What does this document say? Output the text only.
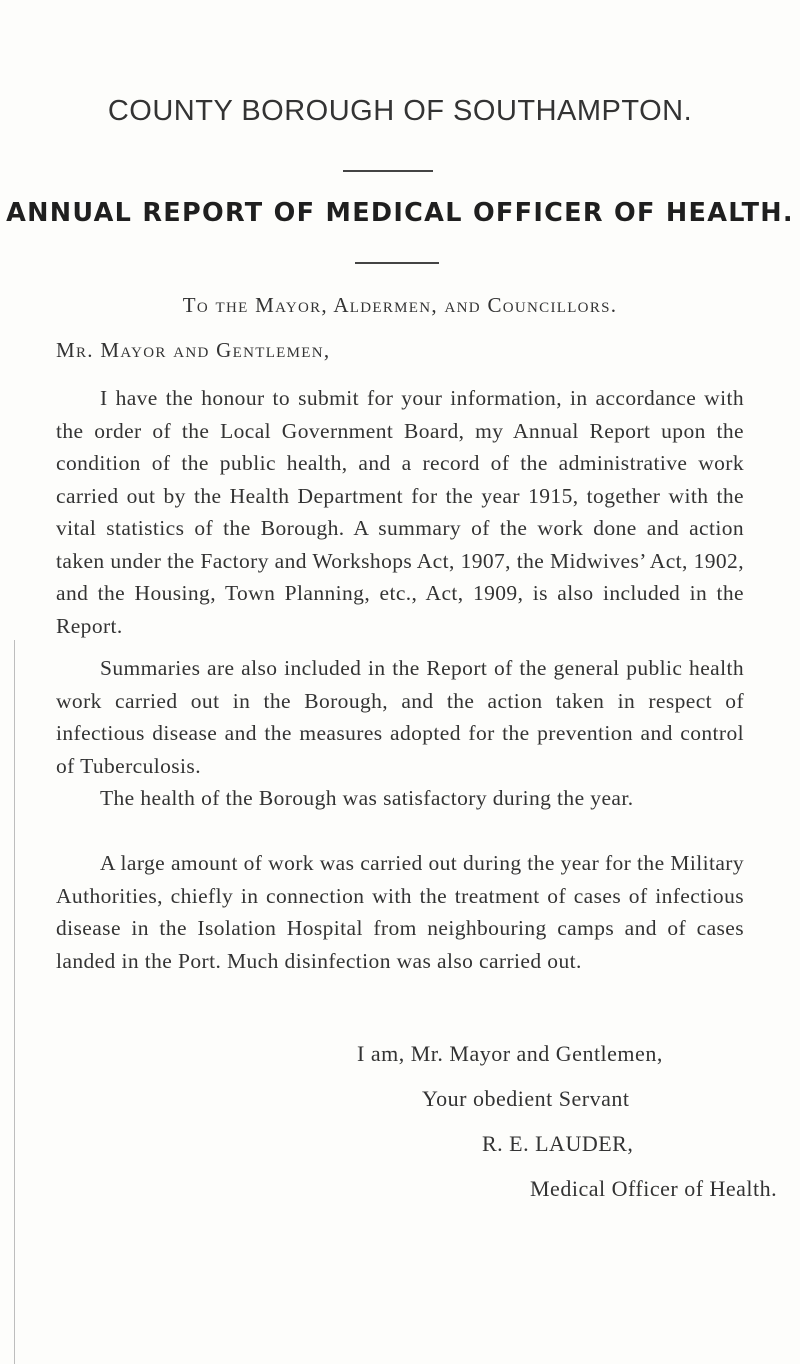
COUNTY BOROUGH OF SOUTHAMPTON.
ANNUAL REPORT OF MEDICAL OFFICER OF HEALTH.
To the Mayor, Aldermen, and Councillors.
Mr. Mayor and Gentlemen,

I have the honour to submit for your information, in accordance with the order of the Local Government Board, my Annual Report upon the condition of the public health, and a record of the administrative work carried out by the Health Department for the year 1915, together with the vital statistics of the Borough. A summary of the work done and action taken under the Factory and Workshops Act, 1907, the Midwives’ Act, 1902, and the Housing, Town Planning, etc., Act, 1909, is also included in the Report.

Summaries are also included in the Report of the general public health work carried out in the Borough, and the action taken in respect of infectious disease and the measures adopted for the prevention and control of Tuberculosis.

The health of the Borough was satisfactory during the year.

A large amount of work was carried out during the year for the Military Authorities, chiefly in connection with the treatment of cases of infectious disease in the Isolation Hospital from neighbouring camps and of cases landed in the Port. Much disinfection was also carried out.

I am, Mr. Mayor and Gentlemen,
Your obedient Servant
R. E. LAUDER,
Medical Officer of Health.
